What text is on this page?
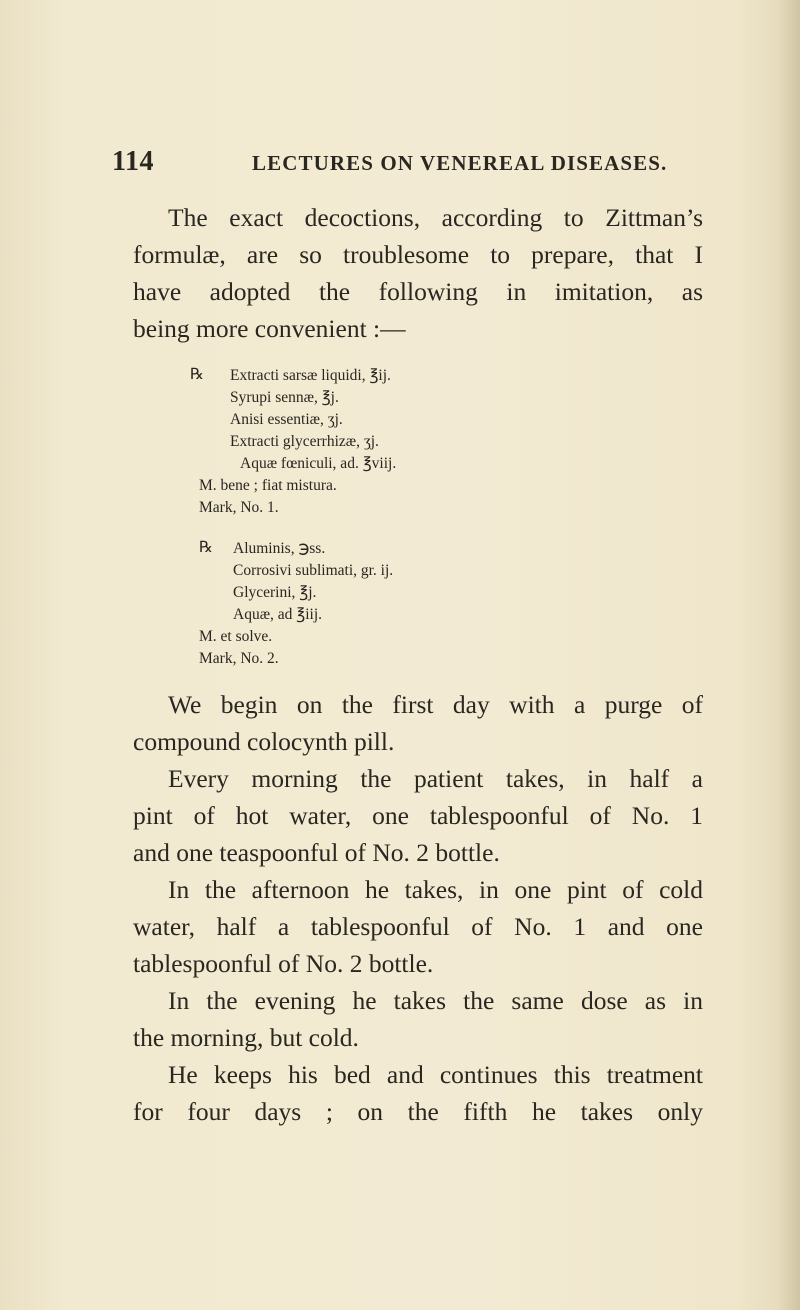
114	LECTURES ON VENEREAL DISEASES.
The exact decoctions, according to Zittman’s
formulæ, are so troublesome to prepare, that I
have adopted the following in imitation, as
being more convenient :—
℞ Extracti sarsæ liquidi, ℥ij.
Syrupi sennæ, ℥j.
Anisi essentiæ, ʒj.
Extracti glycerrhizæ, ʒj.
Aquæ fœniculi, ad. ℥viij.
M. bene ; fiat mistura.
Mark, No. 1.
℞ Aluminis, ℈ss.
Corrosivi sublimati, gr. ij.
Glycerini, ℥j.
Aquæ, ad ℥iij.
M. et solve.
Mark, No. 2.
We begin on the first day with a purge of
compound colocynth pill.
Every morning the patient takes, in half a
pint of hot water, one tablespoonful of No. 1
and one teaspoonful of No. 2 bottle.
In the afternoon he takes, in one pint of cold
water, half a tablespoonful of No. 1 and one
tablespoonful of No. 2 bottle.
In the evening he takes the same dose as in
the morning, but cold.
He keeps his bed and continues this treatment
for four days ; on the fifth he takes only
